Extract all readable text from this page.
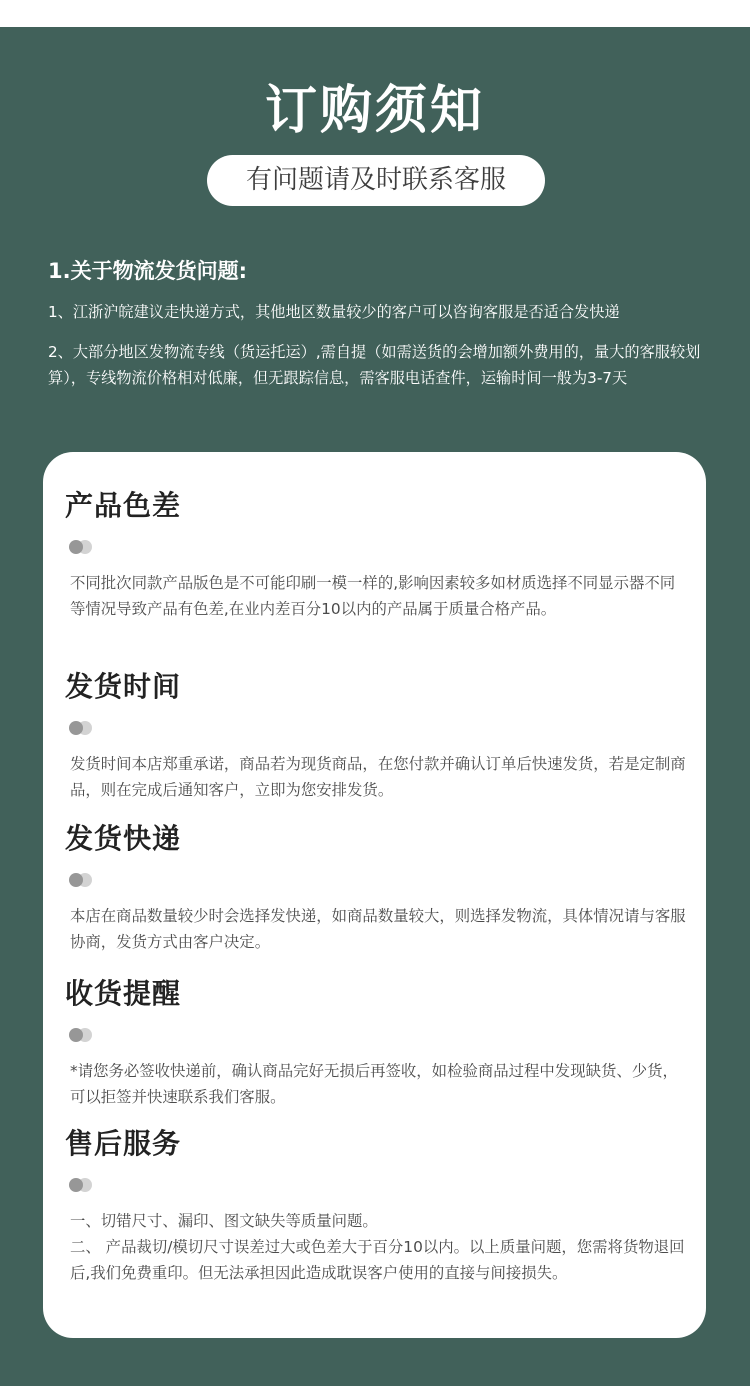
订购须知
有问题请及时联系客服
1.关于物流发货问题:
1、江浙沪皖建议走快递方式，其他地区数量较少的客户可以咨询客服是否适合发快递
2、大部分地区发物流专线（货运托运）,需自提（如需送货的会增加额外费用的，量大的客服较划算），专线物流价格相对低廉，但无跟踪信息，需客服电话查件，运输时间一般为3-7天
产品色差
不同批次同款产品版色是不可能印刷一模一样的,影响因素较多如材质选择不同显示器不同等情况导致产品有色差,在业内差百分10以内的产品属于质量合格产品。
发货时间
发货时间本店郑重承诺，商品若为现货商品，在您付款并确认订单后快速发货，若是定制商品，则在完成后通知客户，立即为您安排发货。
发货快递
本店在商品数量较少时会选择发快递，如商品数量较大，则选择发物流，具体情况请与客服协商，发货方式由客户决定。
收货提醒
*请您务必签收快递前，确认商品完好无损后再签收，如检验商品过程中发现缺货、少货，可以拒签并快速联系我们客服。
售后服务
一、切错尺寸、漏印、图文缺失等质量问题。
二、 产品裁切/模切尺寸误差过大或色差大于百分10以内。以上质量问题，您需将货物退回后,我们免费重印。但无法承担因此造成耽误客户使用的直接与间接损失。
